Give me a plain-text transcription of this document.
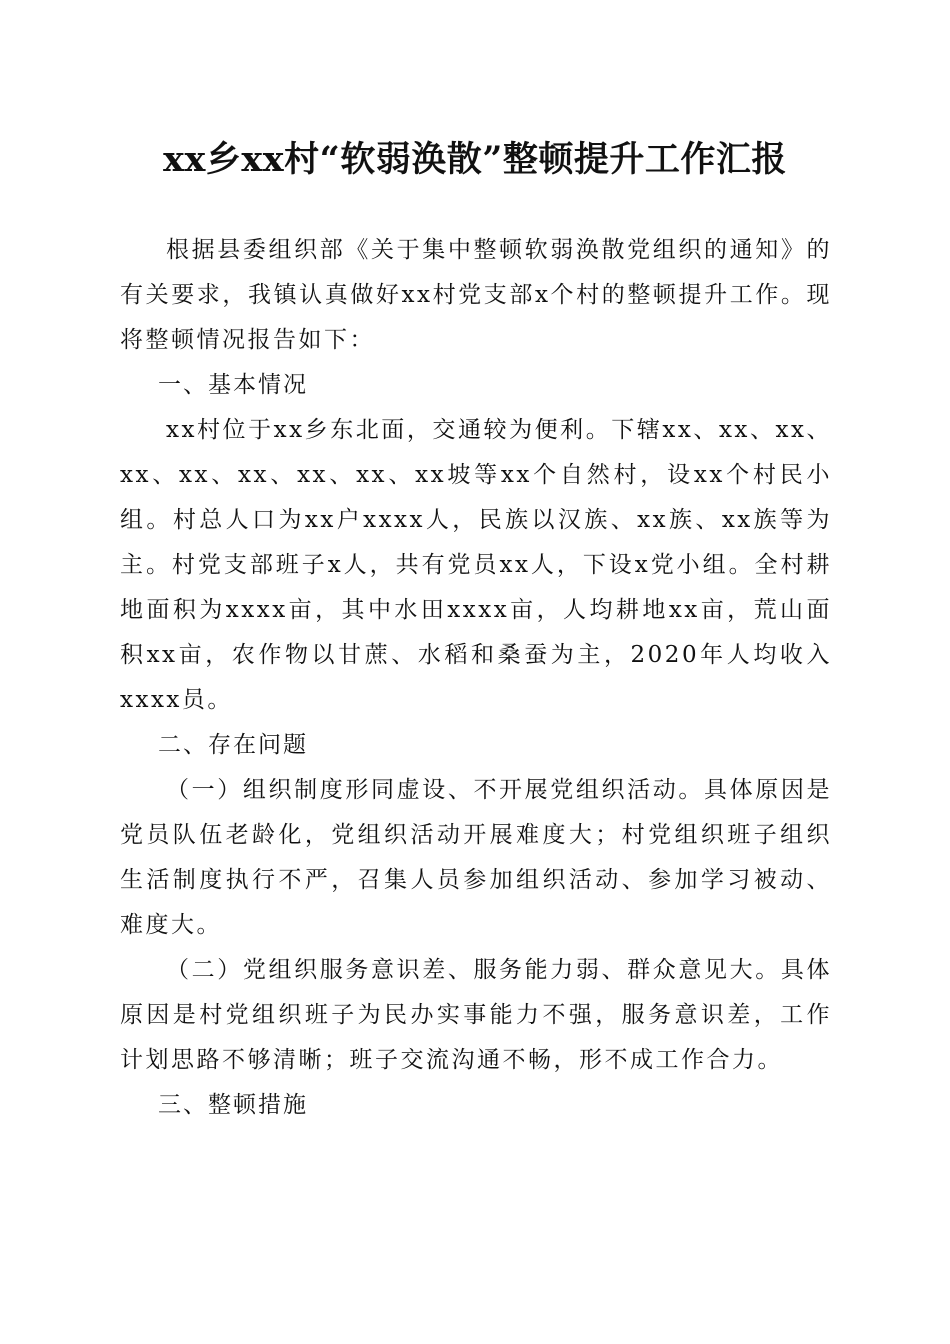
xx乡xx村“软弱涣散”整顿提升工作汇报

根据县委组织部《关于集中整顿软弱涣散党组织的通知》的有关要求，我镇认真做好xx村党支部x个村的整顿提升工作。现将整顿情况报告如下：

一、基本情况

xx村位于xx乡东北面，交通较为便利。下辖xx、xx、xx、xx、xx、xx、xx、xx、xx坡等xx个自然村，设xx个村民小组。村总人口为xx户xxxx人，民族以汉族、xx族、xx族等为主。村党支部班子x人，共有党员xx人，下设x党小组。全村耕地面积为xxxx亩，其中水田xxxx亩，人均耕地xx亩，荒山面积xx亩，农作物以甘蔗、水稻和桑蚕为主，2020年人均收入xxxx员。

二、存在问题

（一）组织制度形同虚设、不开展党组织活动。具体原因是党员队伍老龄化，党组织活动开展难度大；村党组织班子组织生活制度执行不严，召集人员参加组织活动、参加学习被动、难度大。

（二）党组织服务意识差、服务能力弱、群众意见大。具体原因是村党组织班子为民办实事能力不强，服务意识差，工作计划思路不够清晰；班子交流沟通不畅，形不成工作合力。

三、整顿措施
